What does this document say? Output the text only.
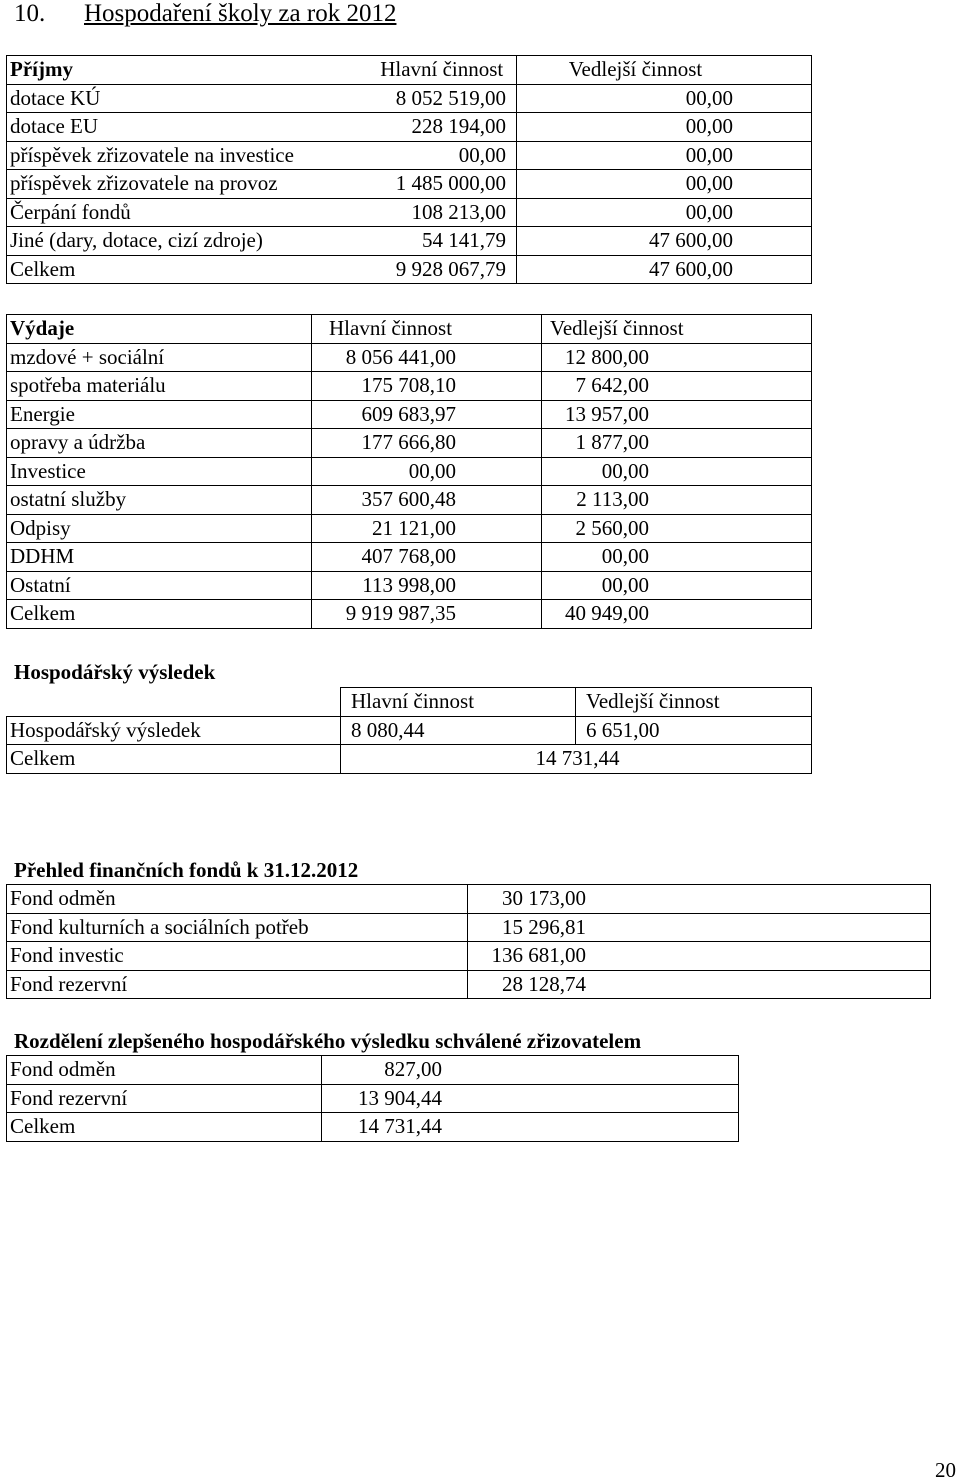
10. Hospodaření školy za rok 2012
Příjmy	Hlavní činnost	Vedlejší činnost
dotace KÚ	8 052 519,00	00,00
dotace EU	228 194,00	00,00
příspěvek zřizovatele na investice	00,00	00,00
příspěvek zřizovatele na provoz	1 485 000,00	00,00
Čerpání fondů	108 213,00	00,00
Jiné (dary, dotace, cizí zdroje)	54 141,79	47 600,00
Celkem	9 928 067,79	47 600,00
Výdaje	Hlavní činnost	Vedlejší činnost
mzdové + sociální	8 056 441,00	12 800,00
spotřeba materiálu	175 708,10	7 642,00
Energie	609 683,97	13 957,00
opravy a údržba	177 666,80	1 877,00
Investice	00,00	00,00
ostatní služby	357 600,48	2 113,00
Odpisy	21 121,00	2 560,00
DDHM	407 768,00	00,00
Ostatní	113 998,00	00,00
Celkem	9 919 987,35	40 949,00
Hospodářský výsledek
	Hlavní činnost	Vedlejší činnost
Hospodářský výsledek	8 080,44	6 651,00
Celkem	14 731,44	
Přehled finančních fondů k 31.12.2012
Fond odměn	30 173,00
Fond kulturních a sociálních potřeb	15 296,81
Fond investic	136 681,00
Fond rezervní	28 128,74
Rozdělení zlepšeného hospodářského výsledku schválené zřizovatelem
Fond odměn	827,00
Fond rezervní	13 904,44
Celkem	14 731,44
20
